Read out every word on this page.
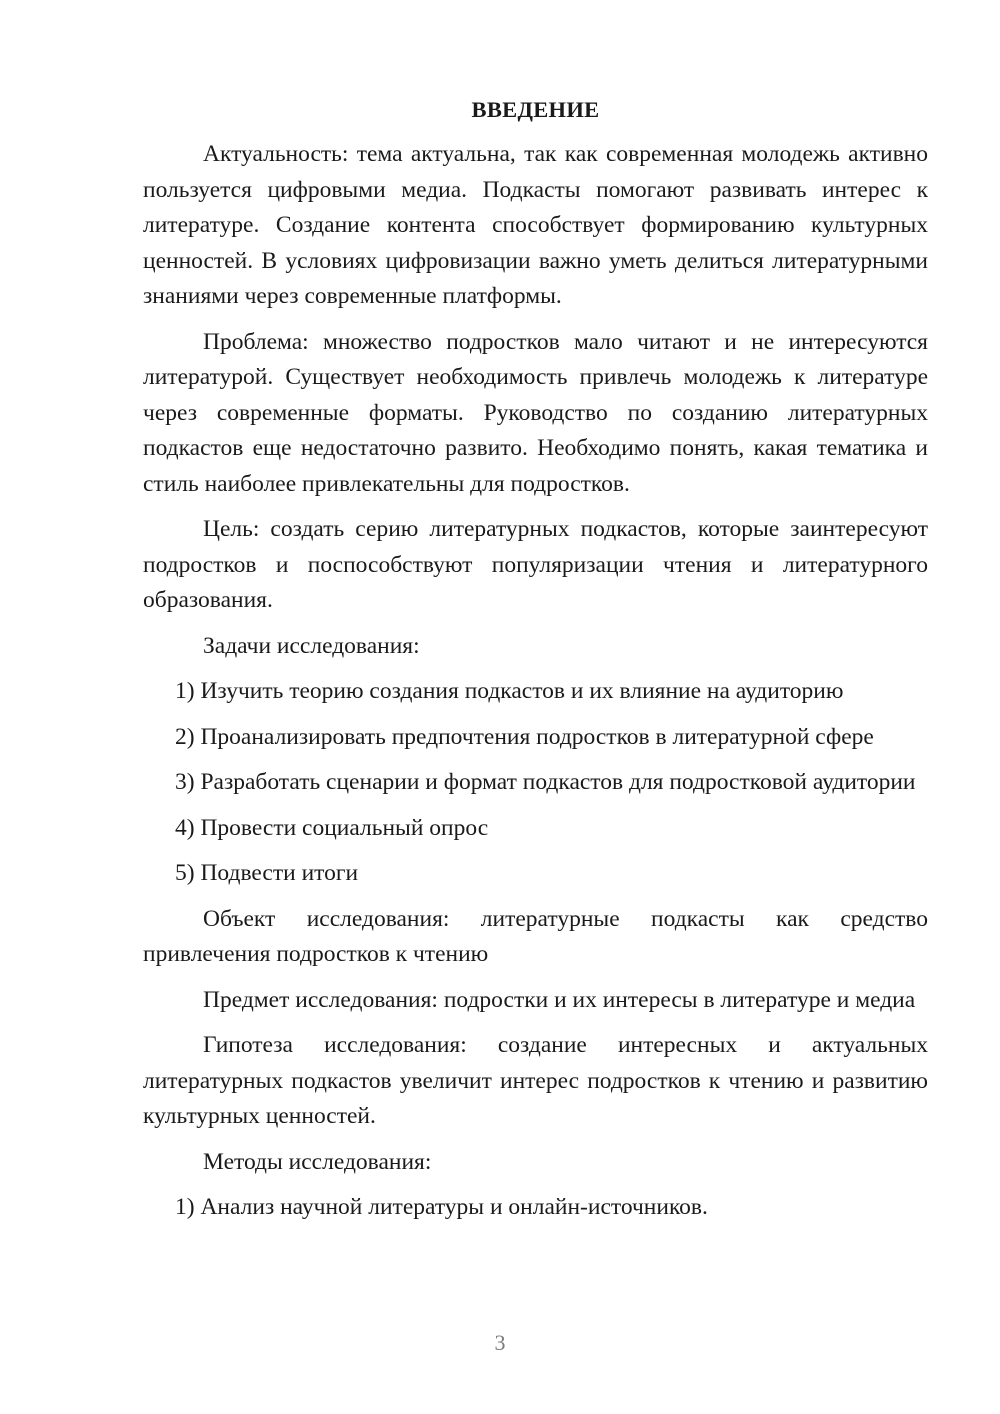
ВВЕДЕНИЕ

Актуальность: тема актуальна, так как современная молодежь активно пользуется цифровыми медиа. Подкасты помогают развивать интерес к литературе. Создание контента способствует формированию культурных ценностей. В условиях цифровизации важно уметь делиться литературными знаниями через современные платформы.

Проблема: множество подростков мало читают и не интересуются литературой. Существует необходимость привлечь молодежь к литературе через современные форматы. Руководство по созданию литературных подкастов еще недостаточно развито. Необходимо понять, какая тематика и стиль наиболее привлекательны для подростков.

Цель: создать серию литературных подкастов, которые заинтересуют подростков и поспособствуют популяризации чтения и литературного образования.

Задачи исследования:

1) Изучить теорию создания подкастов и их влияние на аудиторию

2) Проанализировать предпочтения подростков в литературной сфере

3) Разработать сценарии и формат подкастов для подростковой аудитории

4) Провести социальный опрос

5) Подвести итоги

Объект исследования: литературные подкасты как средство привлечения подростков к чтению

Предмет исследования: подростки и их интересы в литературе и медиа

Гипотеза исследования: создание интересных и актуальных литературных подкастов увеличит интерес подростков к чтению и развитию культурных ценностей.

Методы исследования:

1) Анализ научной литературы и онлайн-источников.

3
